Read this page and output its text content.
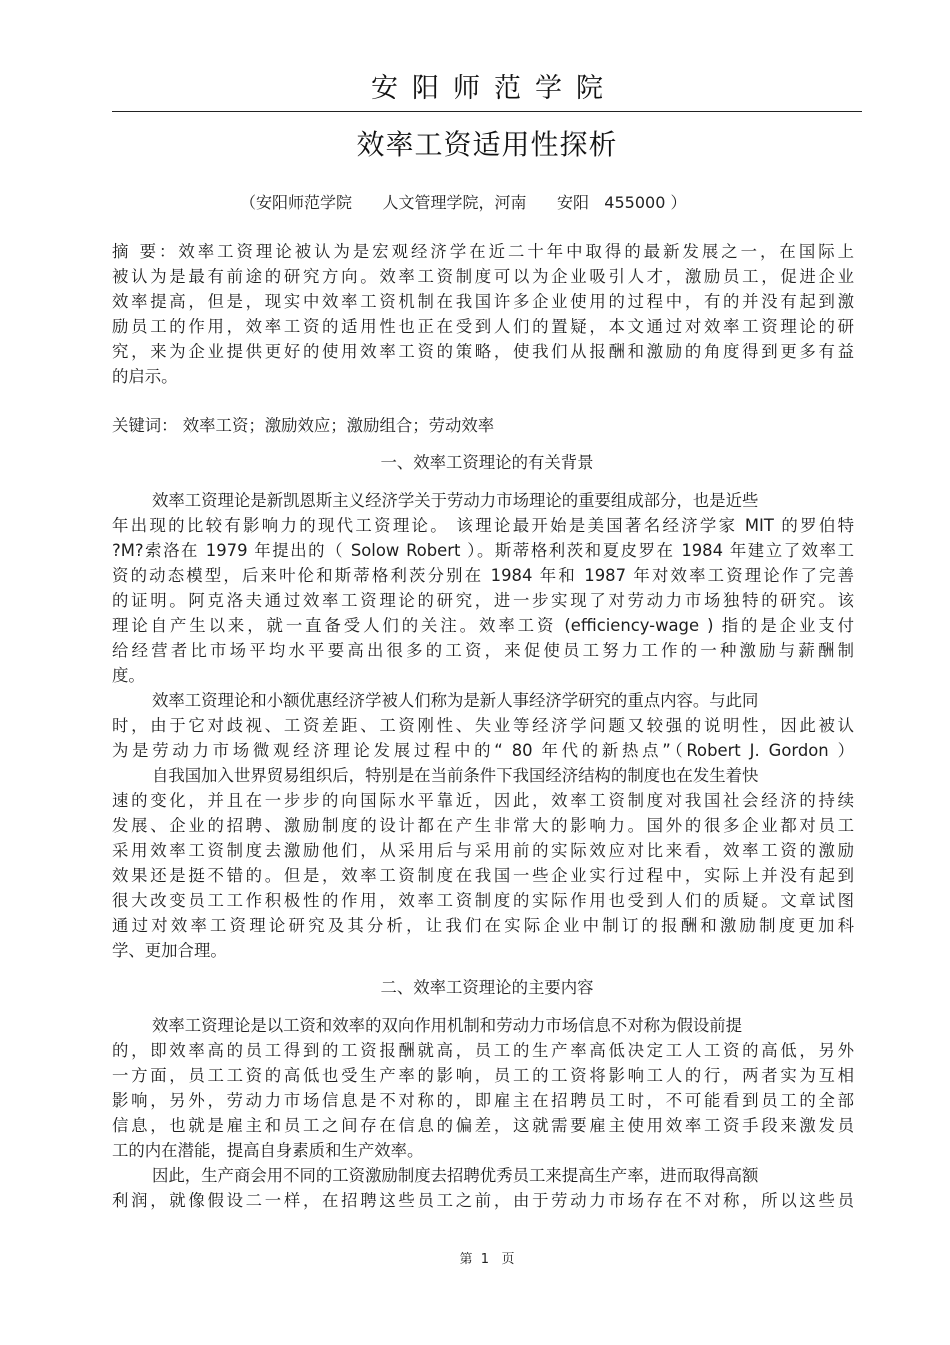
安阳师范学院
效率工资适用性探析
（安阳师范学院      人文管理学院，河南      安阳   455000 ）
摘 要：效率工资理论被认为是宏观经济学在近二十年中取得的最新发展之一，在国际上
被认为是最有前途的研究方向。效率工资制度可以为企业吸引人才，激励员工，促进企业
效率提高，但是，现实中效率工资机制在我国许多企业使用的过程中，有的并没有起到激
励员工的作用，效率工资的适用性也正在受到人们的置疑，本文通过对效率工资理论的研
究，来为企业提供更好的使用效率工资的策略，使我们从报酬和激励的角度得到更多有益
的启示。
关键词： 效率工资；激励效应；激励组合；劳动效率
一、效率工资理论的有关背景
效率工资理论是新凯恩斯主义经济学关于劳动力市场理论的重要组成部分，也是近些
年出现的比较有影响力的现代工资理论。 该理论最开始是美国著名经济学家 MIT 的罗伯特
?M?索洛在 1979 年提出的（ Solow Robert ）。斯蒂格利茨和夏皮罗在 1984 年建立了效率工
资的动态模型，后来叶伦和斯蒂格利茨分别在 1984 年和 1987 年对效率工资理论作了完善
的证明。阿克洛夫通过效率工资理论的研究，进一步实现了对劳动力市场独特的研究。该
理论自产生以来，就一直备受人们的关注。效率工资 (efficiency-wage ) 指的是企业支付
给经营者比市场平均水平要高出很多的工资，来促使员工努力工作的一种激励与薪酬制
度。
效率工资理论和小额优惠经济学被人们称为是新人事经济学研究的重点内容。与此同
时，由于它对歧视、工资差距、工资刚性、失业等经济学问题又较强的说明性，因此被认
为是劳动力市场微观经济理论发展过程中的“ 80 年代的新热点”（Robert J. Gordon ）
自我国加入世界贸易组织后，特别是在当前条件下我国经济结构的制度也在发生着快
速的变化，并且在一步步的向国际水平靠近，因此，效率工资制度对我国社会经济的持续
发展、企业的招聘、激励制度的设计都在产生非常大的影响力。国外的很多企业都对员工
采用效率工资制度去激励他们，从采用后与采用前的实际效应对比来看，效率工资的激励
效果还是挺不错的。但是，效率工资制度在我国一些企业实行过程中，实际上并没有起到
很大改变员工工作积极性的作用，效率工资制度的实际作用也受到人们的质疑。文章试图
通过对效率工资理论研究及其分析，让我们在实际企业中制订的报酬和激励制度更加科
学、更加合理。
二、效率工资理论的主要内容
效率工资理论是以工资和效率的双向作用机制和劳动力市场信息不对称为假设前提
的，即效率高的员工得到的工资报酬就高，员工的生产率高低决定工人工资的高低，另外
一方面，员工工资的高低也受生产率的影响，员工的工资将影响工人的行，两者实为互相
影响，另外，劳动力市场信息是不对称的，即雇主在招聘员工时，不可能看到员工的全部
信息，也就是雇主和员工之间存在信息的偏差，这就需要雇主使用效率工资手段来激发员
工的内在潜能，提高自身素质和生产效率。
因此，生产商会用不同的工资激励制度去招聘优秀员工来提高生产率，进而取得高额
利润，就像假设二一样，在招聘这些员工之前，由于劳动力市场存在不对称，所以这些员
第  1   页
